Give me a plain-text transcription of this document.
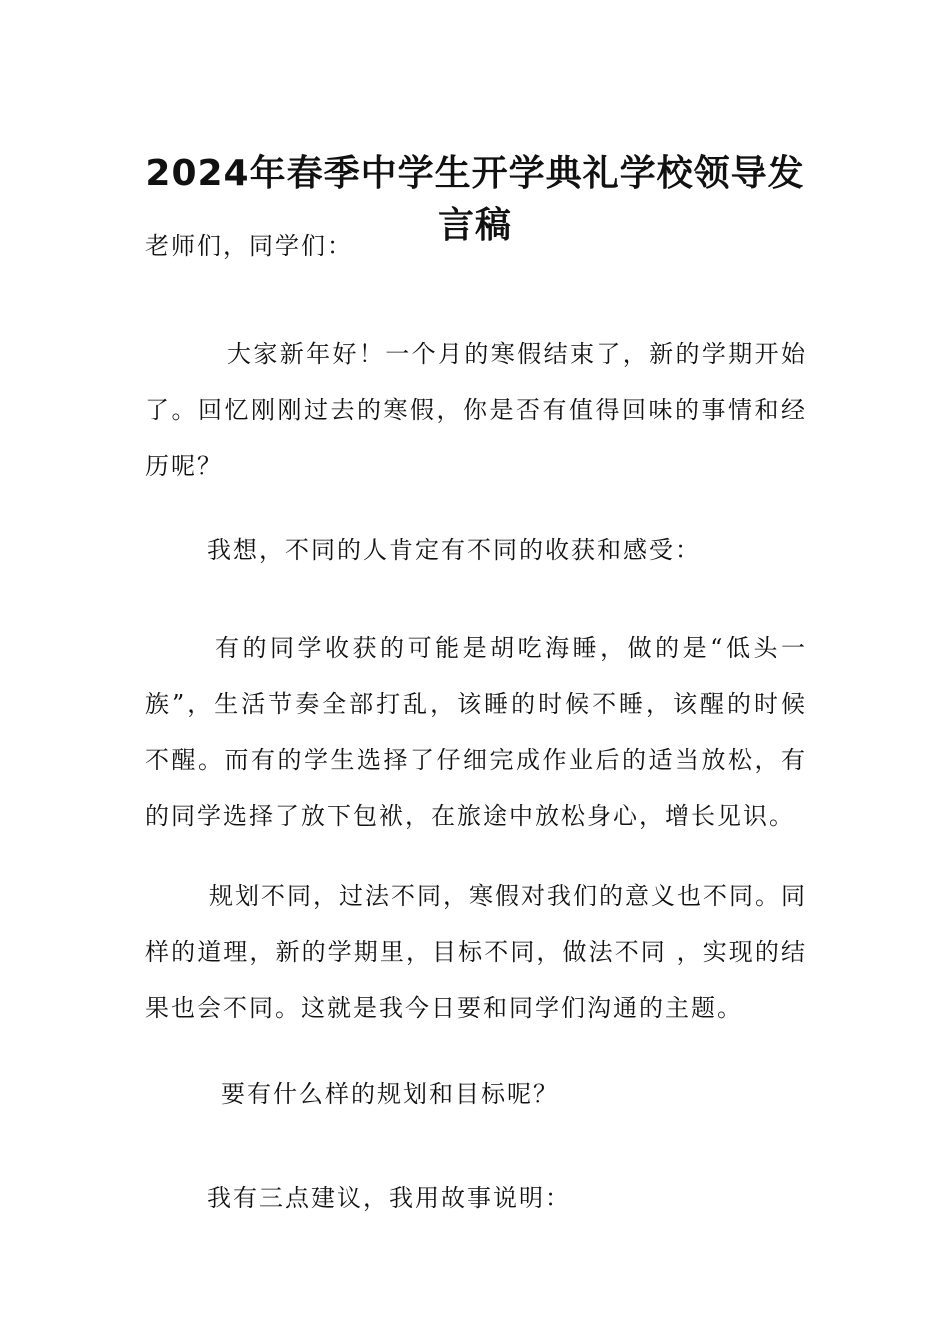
2024年春季中学生开学典礼学校领导发言稿

老师们，同学们：

大家新年好！一个月的寒假结束了，新的学期开始了。回忆刚刚过去的寒假，你是否有值得回味的事情和经历呢？

我想，不同的人肯定有不同的收获和感受：

有的同学收获的可能是胡吃海睡，做的是“低头一族”，生活节奏全部打乱，该睡的时候不睡，该醒的时候不醒。而有的学生选择了仔细完成作业后的适当放松，有的同学选择了放下包袱，在旅途中放松身心，增长见识。

规划不同，过法不同，寒假对我们的意义也不同。同样的道理，新的学期里，目标不同，做法不同 ，实现的结果也会不同。这就是我今日要和同学们沟通的主题。

要有什么样的规划和目标呢？

我有三点建议，我用故事说明：
